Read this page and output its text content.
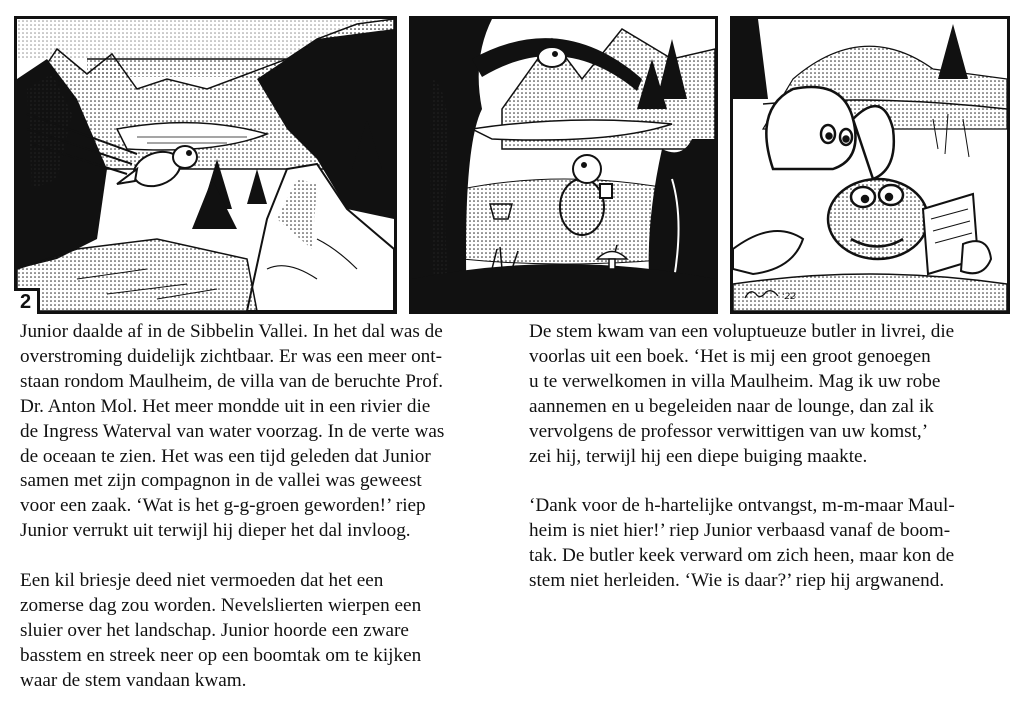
2	'22

Junior daalde af in de Sibbelin Vallei. In het dal was de
overstroming duidelijk zichtbaar. Er was een meer ont-
staan rondom Maulheim, de villa van de beruchte Prof.
Dr. Anton Mol. Het meer mondde uit in een rivier die
de Ingress Waterval van water voorzag. In de verte was
de oceaan te zien. Het was een tijd geleden dat Junior
samen met zijn compagnon in de vallei was geweest
voor een zaak. ‘Wat is het g-g-groen geworden!’ riep
Junior verrukt uit terwijl hij dieper het dal invloog.

Een kil briesje deed niet vermoeden dat het een
zomerse dag zou worden. Nevelslierten wierpen een
sluier over het landschap. Junior hoorde een zware
basstem en streek neer op een boomtak om te kijken
waar de stem vandaan kwam.

De stem kwam van een voluptueuze butler in livrei, die
voorlas uit een boek. ‘Het is mij een groot genoegen
u te verwelkomen in villa Maulheim. Mag ik uw robe
aannemen en u begeleiden naar de lounge, dan zal ik
vervolgens de professor verwittigen van uw komst,’
zei hij, terwijl hij een diepe buiging maakte.

‘Dank voor de h-hartelijke ontvangst, m-m-maar Maul-
heim is niet hier!’ riep Junior verbaasd vanaf de boom-
tak. De butler keek verward om zich heen, maar kon de
stem niet herleiden. ‘Wie is daar?’ riep hij argwanend.
